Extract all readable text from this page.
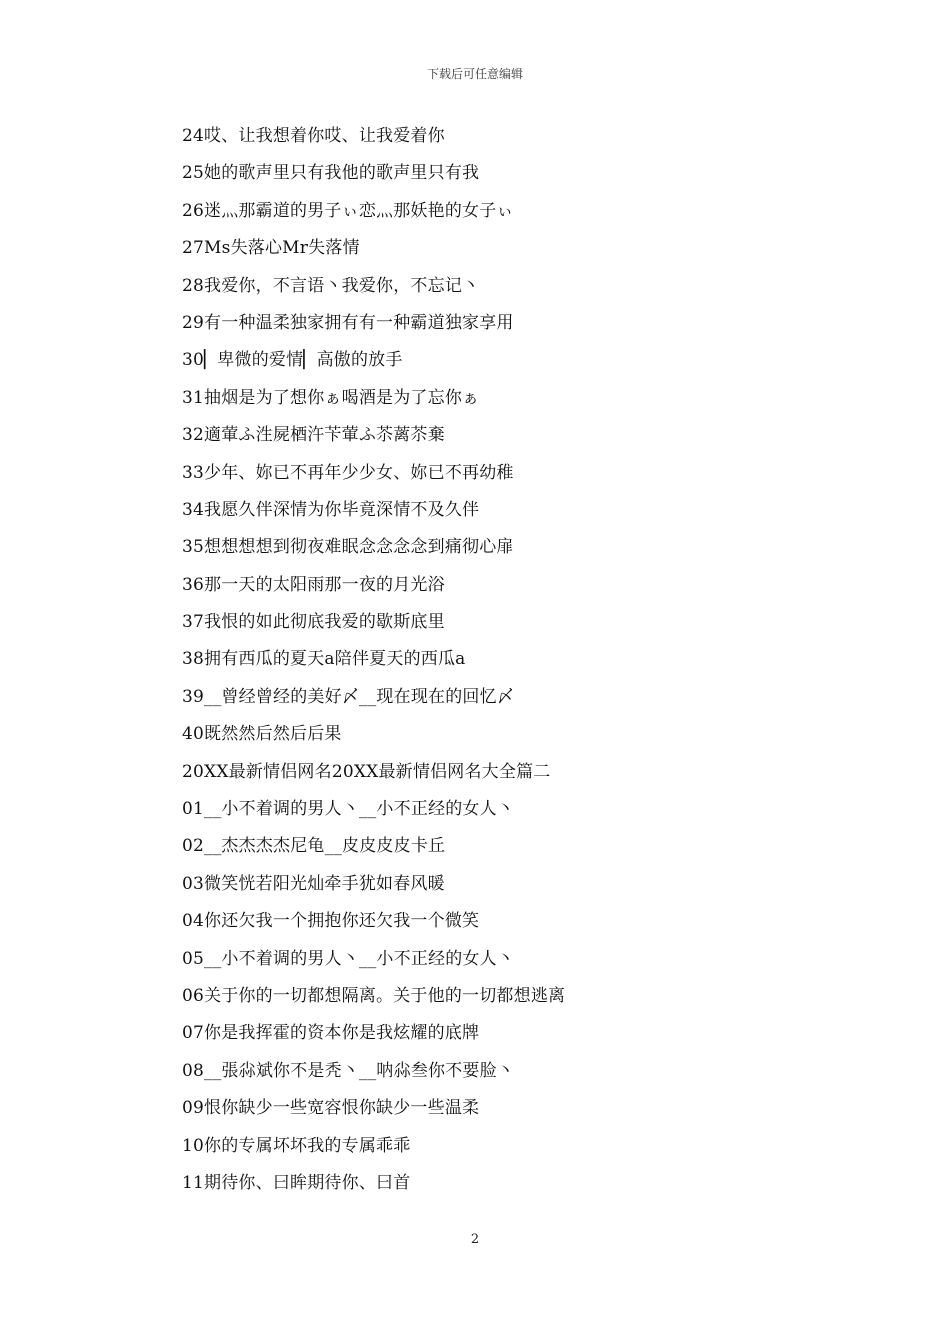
下载后可任意编辑
24哎、让我想着你哎、让我爱着你
25她的歌声里只有我他的歌声里只有我
26迷灬那霸道的男子ぃ恋灬那妖艳的女子ぃ
27Ms失落心Mr失落情
28我爱你，不言语丶我爱你，不忘记丶
29有一种温柔独家拥有有一种霸道独家享用
30▏卑微的爱情▏高傲的放手
31抽烟是为了想你ぁ喝酒是为了忘你ぁ
32適葷ふ泩屍梄汻苄葷ふ苶蓠苶棄
33少年、妳已不再年少少女、妳已不再幼稚
34我愿久伴深情为你毕竟深情不及久伴
35想想想想到彻夜难眠念念念念到痛彻心扉
36那一天的太阳雨那一夜的月光浴
37我恨的如此彻底我爱的歇斯底里
38拥有西瓜的夏天a陪伴夏天的西瓜a
39__曾经曾经的美好〆__现在现在的回忆〆
40既然然后然后后果
20XX最新情侣网名20XX最新情侣网名大全篇二
01__小不着调的男人丶__小不正经的女人丶
02__杰杰杰杰尼龟__皮皮皮皮卡丘
03微笑恍若阳光灿牵手犹如春风暖
04你还欠我一个拥抱你还欠我一个微笑
05__小不着调的男人丶__小不正经的女人丶
06关于你的一切都想隔离。关于他的一切都想逃离
07你是我挥霍的资本你是我炫耀的底牌
08__張尛斌你不是秃丶__呐尛叁你不要脸丶
09恨你缺少一些宽容恨你缺少一些温柔
10你的专属坏坏我的专属乖乖
11期待你、曰眸期待你、曰首
2
